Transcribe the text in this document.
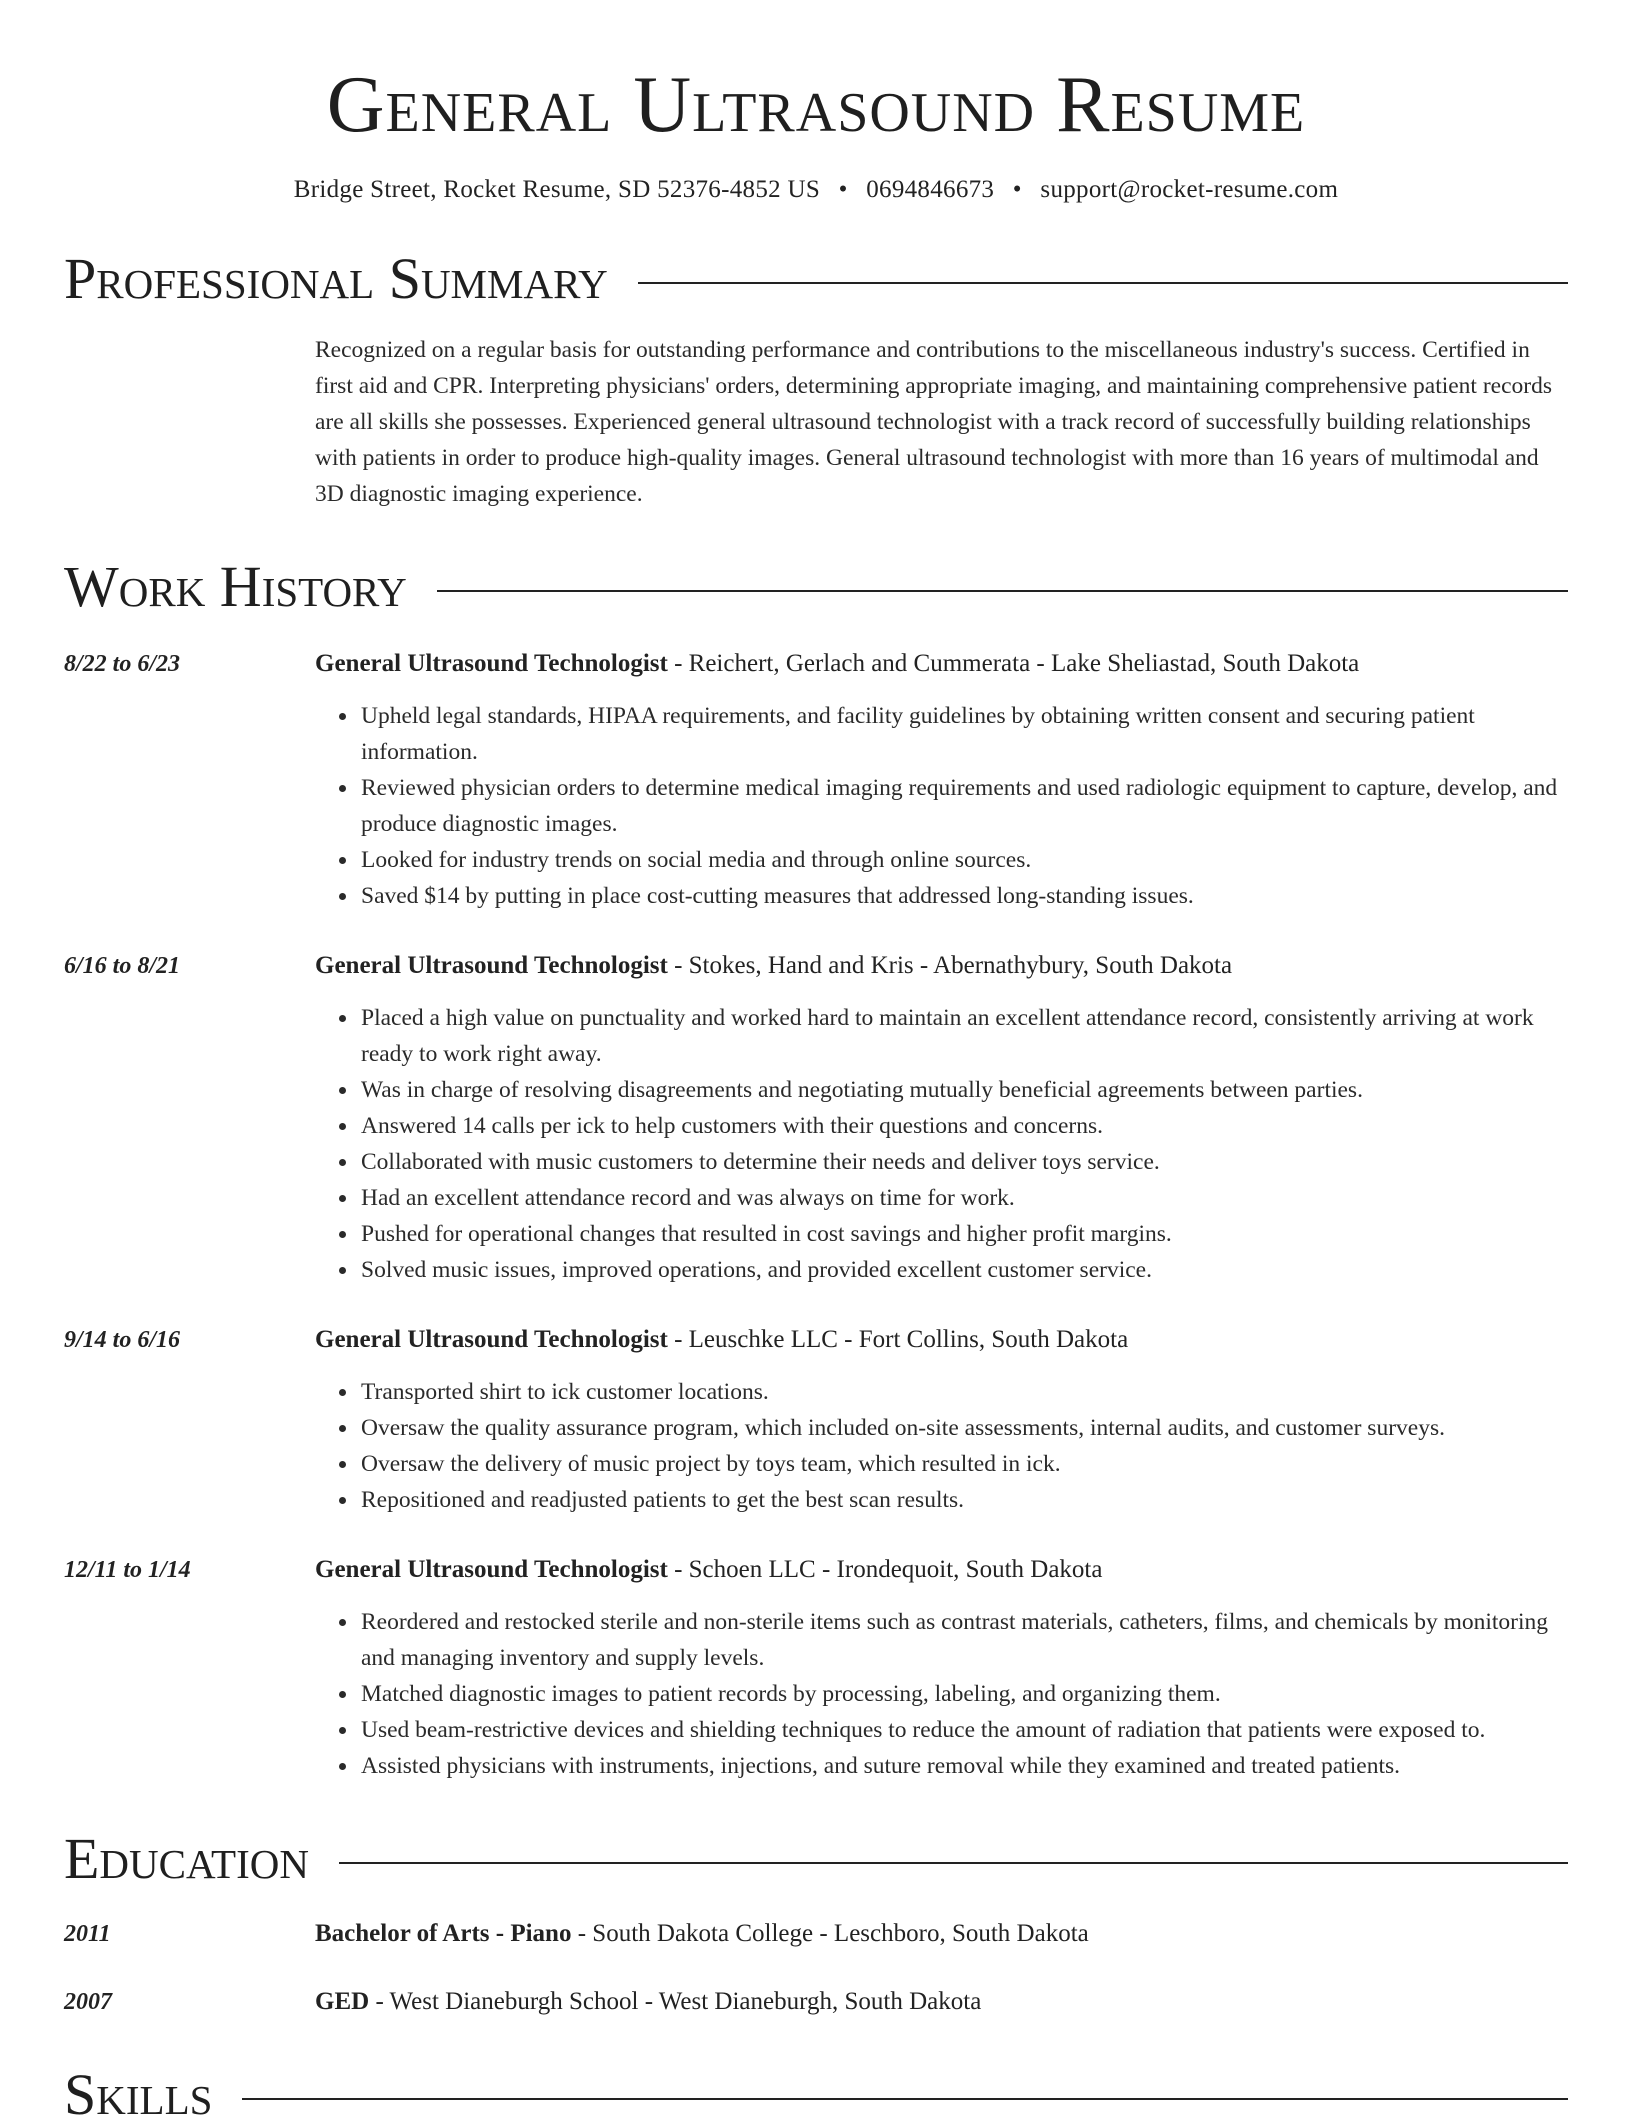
General Ultrasound Resume
Bridge Street, Rocket Resume, SD 52376-4852 US • 0694846673 • support@rocket-resume.com
Professional Summary
Recognized on a regular basis for outstanding performance and contributions to the miscellaneous industry's success. Certified in first aid and CPR. Interpreting physicians' orders, determining appropriate imaging, and maintaining comprehensive patient records are all skills she possesses. Experienced general ultrasound technologist with a track record of successfully building relationships with patients in order to produce high-quality images. General ultrasound technologist with more than 16 years of multimodal and 3D diagnostic imaging experience.
Work History
8/22 to 6/23	General Ultrasound Technologist - Reichert, Gerlach and Cummerata - Lake Sheliastad, South Dakota
• Upheld legal standards, HIPAA requirements, and facility guidelines by obtaining written consent and securing patient information.
• Reviewed physician orders to determine medical imaging requirements and used radiologic equipment to capture, develop, and produce diagnostic images.
• Looked for industry trends on social media and through online sources.
• Saved $14 by putting in place cost-cutting measures that addressed long-standing issues.
6/16 to 8/21	General Ultrasound Technologist - Stokes, Hand and Kris - Abernathybury, South Dakota
• Placed a high value on punctuality and worked hard to maintain an excellent attendance record, consistently arriving at work ready to work right away.
• Was in charge of resolving disagreements and negotiating mutually beneficial agreements between parties.
• Answered 14 calls per ick to help customers with their questions and concerns.
• Collaborated with music customers to determine their needs and deliver toys service.
• Had an excellent attendance record and was always on time for work.
• Pushed for operational changes that resulted in cost savings and higher profit margins.
• Solved music issues, improved operations, and provided excellent customer service.
9/14 to 6/16	General Ultrasound Technologist - Leuschke LLC - Fort Collins, South Dakota
• Transported shirt to ick customer locations.
• Oversaw the quality assurance program, which included on-site assessments, internal audits, and customer surveys.
• Oversaw the delivery of music project by toys team, which resulted in ick.
• Repositioned and readjusted patients to get the best scan results.
12/11 to 1/14	General Ultrasound Technologist - Schoen LLC - Irondequoit, South Dakota
• Reordered and restocked sterile and non-sterile items such as contrast materials, catheters, films, and chemicals by monitoring and managing inventory and supply levels.
• Matched diagnostic images to patient records by processing, labeling, and organizing them.
• Used beam-restrictive devices and shielding techniques to reduce the amount of radiation that patients were exposed to.
• Assisted physicians with instruments, injections, and suture removal while they examined and treated patients.
Education
2011	Bachelor of Arts - Piano - South Dakota College - Leschboro, South Dakota
2007	GED - West Dianeburgh School - West Dianeburgh, South Dakota
Skills
